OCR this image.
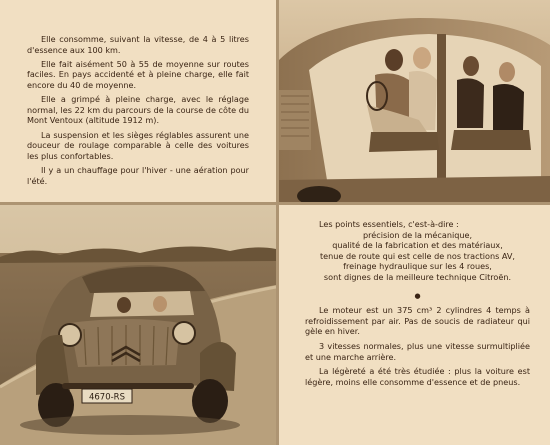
Elle consomme, suivant la vitesse, de 4 à 5 litres d'essence aux 100 km.

Elle fait aisément 50 à 55 de moyenne sur routes faciles. En pays accidenté et à pleine charge, elle fait encore du 40 de moyenne.

Elle a grimpé à pleine charge, avec le réglage normal, les 22 km du parcours de la course de côte du Mont Ventoux (altitude 1912 m).

La suspension et les sièges réglables assurent une douceur de roulage comparable à celle des voitures les plus confortables.

Il y a un chauffage pour l'hiver - une aération pour l'été.

4670-RS
Les points essentiels, c'est-à-dire :
précision de la mécanique,
qualité de la fabrication et des matériaux,
tenue de route qui est celle de nos tractions AV,
freinage hydraulique sur les 4 roues,
sont dignes de la meilleure technique Citroën.
●

Le moteur est un 375 cm³ 2 cylindres 4 temps à refroidissement par air. Pas de soucis de radiateur qui gèle en hiver.

3 vitesses normales, plus une vitesse surmultipliée et une marche arrière.

La légèreté a été très étudiée : plus la voiture est légère, moins elle consomme d'essence et de pneus.
